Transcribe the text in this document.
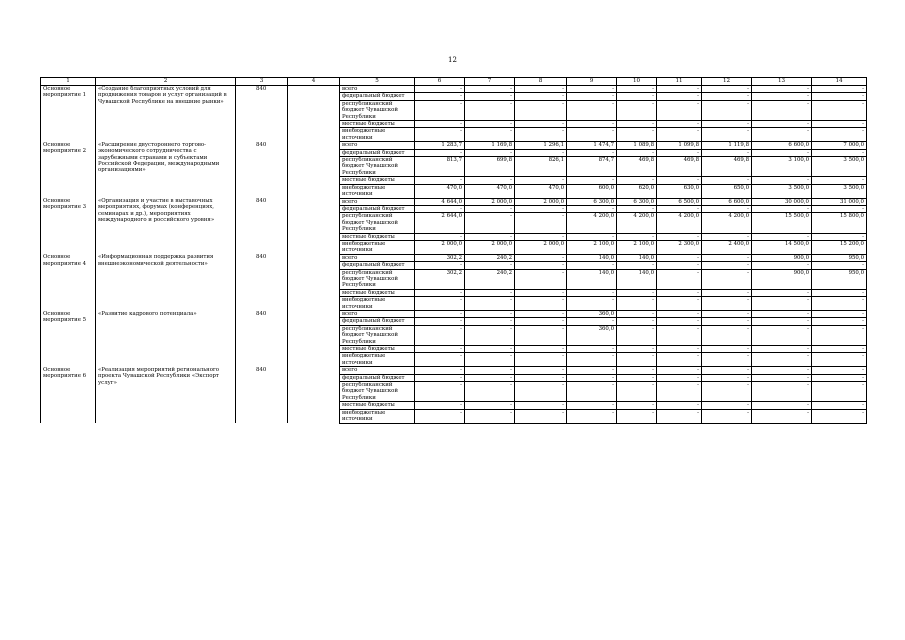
12
1	2	3	4	5	6	7	8	9	10	11	12	13	14
Основное мероприятие 1	«Создание благоприятных условий для продвижения товаров и услуг организаций в Чувашской Республике на внешние рынки»	840		всего	-	-	-	-	-	-	-	-	-
				федеральный бюджет	-	-	-	-	-	-	-	-	-
				республиканский бюджет Чувашской Республики	-	-	-	-	-	-	-	-	-
				местные бюджеты	-	-	-	-	-	-	-	-	-
				внебюджетные источники	-	-	-	-	-	-	-	-	-
Основное мероприятие 2	«Расширение двустороннего торгово-экономического сотрудничества с зарубежными странами и субъектами Российской Федерации, международными организациями»	840		всего	1 283,7	1 169,8	1 296,1	1 474,7	1 089,8	1 099,8	1 119,8	6 600,0	7 000,0
				федеральный бюджет	-	-	-	-	-	-	-	-	-
				республиканский бюджет Чувашской Республики	813,7	699,8	826,1	874,7	469,8	469,8	469,8	3 100,0	3 500,0
				местные бюджеты	-	-	-	-	-	-	-	-	-
				внебюджетные источники	470,0	470,0	470,0	600,0	620,0	630,0	650,0	3 500,0	3 500,0
Основное мероприятие 3	«Организация и участие в выставочных мероприятиях, форумах (конференциях, семинарах и др.), мероприятиях международного и российского уровня»	840		всего	4 644,0	2 000,0	2 000,0	6 300,0	6 300,0	6 500,0	6 600,0	30 000,0	31 000,0
				федеральный бюджет	-	-	-	-	-	-	-	-	-
				республиканский бюджет Чувашской Республики	2 644,0	-	-	4 200,0	4 200,0	4 200,0	4 200,0	15 500,0	15 800,0
				местные бюджеты	-	-	-	-	-	-	-	-	-
				внебюджетные источники	2 000,0	2 000,0	2 000,0	2 100,0	2 100,0	2 300,0	2 400,0	14 500,0	15 200,0
Основное мероприятие 4	«Информационная поддержка развития внешнеэкономической деятельности»	840		всего	302,2	240,2	-	140,0	140,0	-	-	900,0	950,0
				федеральный бюджет	-	-	-	-	-	-	-	-	-
				республиканский бюджет Чувашской Республики	302,2	240,2	-	140,0	140,0	-	-	900,0	950,0
				местные бюджеты	-	-	-	-	-	-	-	-	-
				внебюджетные источники	-	-	-	-	-	-	-	-	-
Основное мероприятие 5	«Развитие кадрового потенциала»	840		всего	-	-	-	360,0	-	-	-	-	-
				федеральный бюджет	-	-	-	-	-	-	-	-	-
				республиканский бюджет Чувашской Республики	-	-	-	360,0	-	-	-	-	-
				местные бюджеты	-	-	-	-	-	-	-	-	-
				внебюджетные источники	-	-	-	-	-	-	-	-	-
Основное мероприятие 6	«Реализация мероприятий регионального проекта Чувашской Республики «Экспорт услуг»	840		всего	-	-	-	-	-	-	-	-	-
				федеральный бюджет	-	-	-	-	-	-	-	-	-
				республиканский бюджет Чувашской Республики	-	-	-	-	-	-	-	-	-
				местные бюджеты	-	-	-	-	-	-	-	-	-
				внебюджетные источники	-	-	-	-	-	-	-	-	-
